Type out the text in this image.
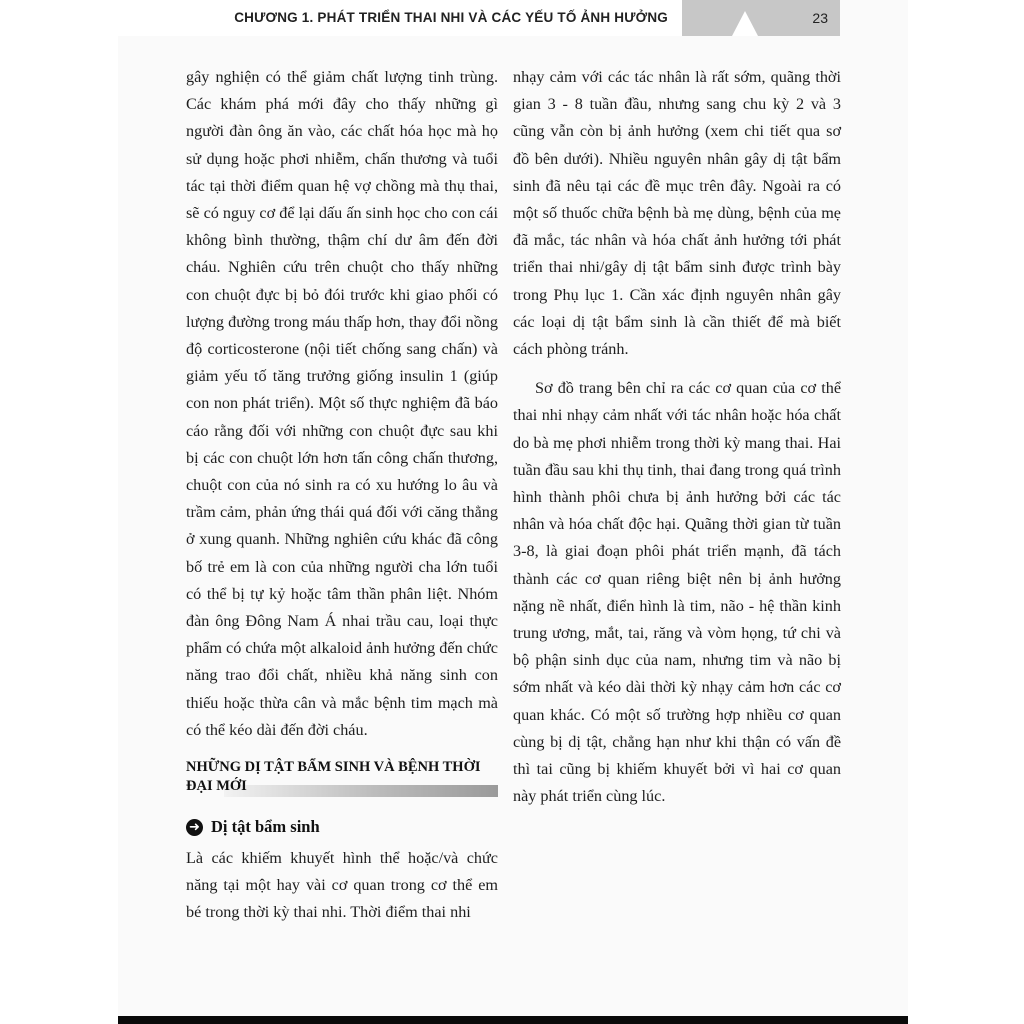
CHƯƠNG 1. PHÁT TRIỂN THAI NHI VÀ CÁC YẾU TỐ ẢNH HƯỞNG	23

gây nghiện có thể giảm chất lượng tinh trùng. Các khám phá mới đây cho thấy những gì người đàn ông ăn vào, các chất hóa học mà họ sử dụng hoặc phơi nhiễm, chấn thương và tuổi tác tại thời điểm quan hệ vợ chồng mà thụ thai, sẽ có nguy cơ để lại dấu ấn sinh học cho con cái không bình thường, thậm chí dư âm đến đời cháu. Nghiên cứu trên chuột cho thấy những con chuột đực bị bỏ đói trước khi giao phối có lượng đường trong máu thấp hơn, thay đổi nồng độ corticosterone (nội tiết chống sang chấn) và giảm yếu tố tăng trưởng giống insulin 1 (giúp con non phát triển). Một số thực nghiệm đã báo cáo rằng đối với những con chuột đực sau khi bị các con chuột lớn hơn tấn công chấn thương, chuột con của nó sinh ra có xu hướng lo âu và trầm cảm, phản ứng thái quá đối với căng thẳng ở xung quanh. Những nghiên cứu khác đã công bố trẻ em là con của những người cha lớn tuổi có thể bị tự kỷ hoặc tâm thần phân liệt. Nhóm đàn ông Đông Nam Á nhai trầu cau, loại thực phẩm có chứa một alkaloid ảnh hưởng đến chức năng trao đổi chất, nhiều khả năng sinh con thiếu hoặc thừa cân và mắc bệnh tim mạch mà có thể kéo dài đến đời cháu.

NHỮNG DỊ TẬT BẨM SINH VÀ BỆNH THỜI ĐẠI MỚI
➜ Dị tật bẩm sinh

Là các khiếm khuyết hình thể hoặc/và chức năng tại một hay vài cơ quan trong cơ thể em bé trong thời kỳ thai nhi. Thời điểm thai nhi

nhạy cảm với các tác nhân là rất sớm, quãng thời gian 3 - 8 tuần đầu, nhưng sang chu kỳ 2 và 3 cũng vẫn còn bị ảnh hưởng (xem chi tiết qua sơ đồ bên dưới). Nhiều nguyên nhân gây dị tật bẩm sinh đã nêu tại các đề mục trên đây. Ngoài ra có một số thuốc chữa bệnh bà mẹ dùng, bệnh của mẹ đã mắc, tác nhân và hóa chất ảnh hưởng tới phát triển thai nhi/gây dị tật bẩm sinh được trình bày trong Phụ lục 1. Cần xác định nguyên nhân gây các loại dị tật bẩm sinh là cần thiết để mà biết cách phòng tránh.

Sơ đồ trang bên chỉ ra các cơ quan của cơ thể thai nhi nhạy cảm nhất với tác nhân hoặc hóa chất do bà mẹ phơi nhiễm trong thời kỳ mang thai. Hai tuần đầu sau khi thụ tinh, thai đang trong quá trình hình thành phôi chưa bị ảnh hưởng bởi các tác nhân và hóa chất độc hại. Quãng thời gian từ tuần 3-8, là giai đoạn phôi phát triển mạnh, đã tách thành các cơ quan riêng biệt nên bị ảnh hưởng nặng nề nhất, điển hình là tim, não - hệ thần kinh trung ương, mắt, tai, răng và vòm họng, tứ chi và bộ phận sinh dục của nam, nhưng tim và não bị sớm nhất và kéo dài thời kỳ nhạy cảm hơn các cơ quan khác. Có một số trường hợp nhiều cơ quan cùng bị dị tật, chẳng hạn như khi thận có vấn đề thì tai cũng bị khiếm khuyết bởi vì hai cơ quan này phát triển cùng lúc.
